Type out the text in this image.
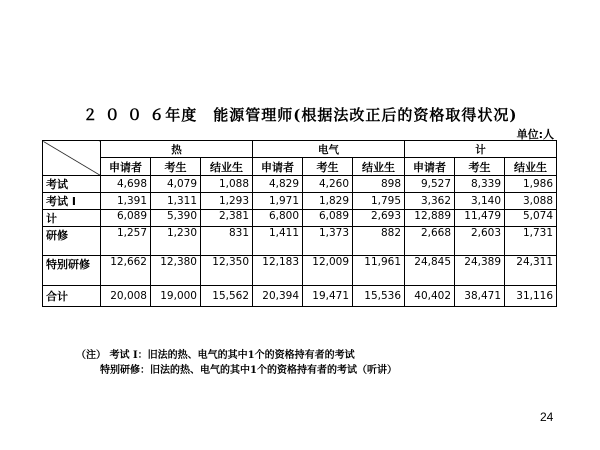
２ ０ ０ ６年度　能源管理师(根据法改正后的资格取得状况)
单位:人
	热			电气			计		
	申请者	考生	结业生	申请者	考生	结业生	申请者	考生	结业生
考试	4,698	4,079	1,088	4,829	4,260	898	9,527	8,339	1,986
考试 I	1,391	1,311	1,293	1,971	1,829	1,795	3,362	3,140	3,088
计	6,089	5,390	2,381	6,800	6,089	2,693	12,889	11,479	5,074
研修	1,257	1,230	831	1,411	1,373	882	2,668	2,603	1,731
特别研修	12,662	12,380	12,350	12,183	12,009	11,961	24,845	24,389	24,311
合计	20,008	19,000	15,562	20,394	19,471	15,536	40,402	38,471	31,116
（注） 考试 I：旧法的热、电气的其中1个的资格持有者的考试
特别研修：旧法的热、电气的其中1个的资格持有者的考试（听讲）
24
